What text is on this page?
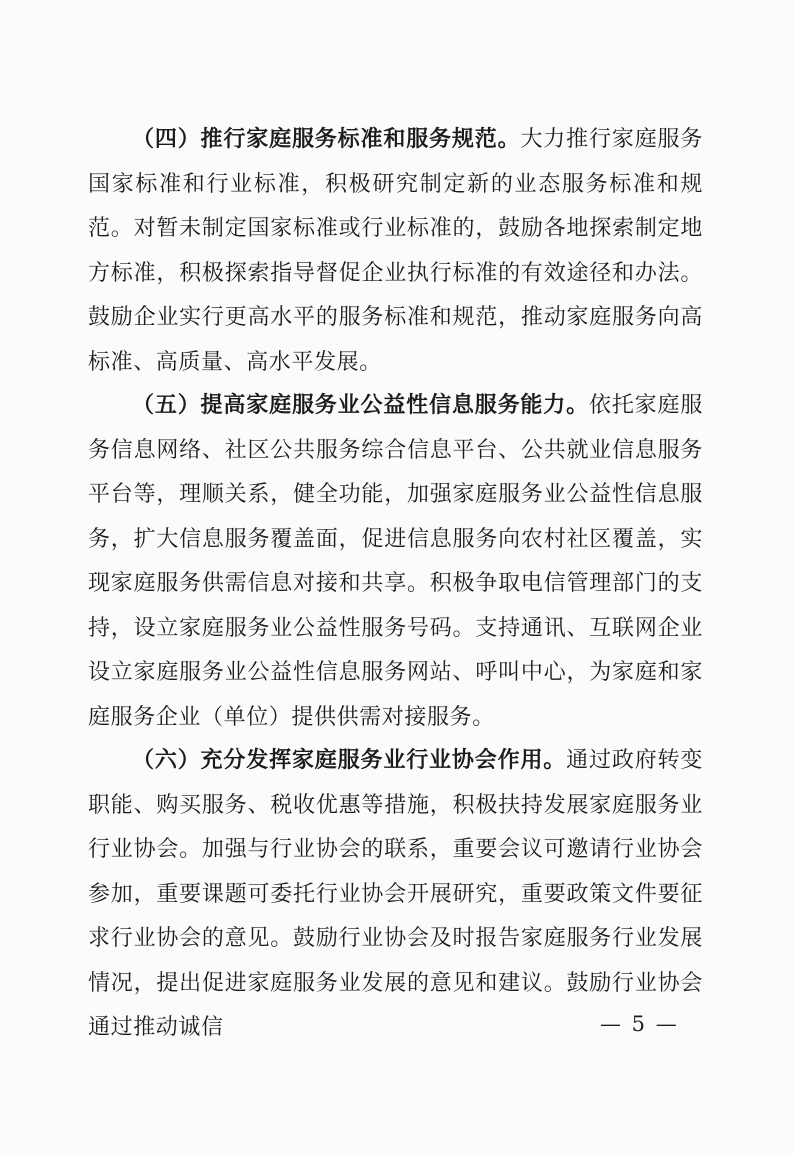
（四）推行家庭服务标准和服务规范。大力推行家庭服务国家标准和行业标准，积极研究制定新的业态服务标准和规范。对暂未制定国家标准或行业标准的，鼓励各地探索制定地方标准，积极探索指导督促企业执行标准的有效途径和办法。鼓励企业实行更高水平的服务标准和规范，推动家庭服务向高标准、高质量、高水平发展。

（五）提高家庭服务业公益性信息服务能力。依托家庭服务信息网络、社区公共服务综合信息平台、公共就业信息服务平台等，理顺关系，健全功能，加强家庭服务业公益性信息服务，扩大信息服务覆盖面，促进信息服务向农村社区覆盖，实现家庭服务供需信息对接和共享。积极争取电信管理部门的支持，设立家庭服务业公益性服务号码。支持通讯、互联网企业设立家庭服务业公益性信息服务网站、呼叫中心，为家庭和家庭服务企业（单位）提供供需对接服务。

（六）充分发挥家庭服务业行业协会作用。通过政府转变职能、购买服务、税收优惠等措施，积极扶持发展家庭服务业行业协会。加强与行业协会的联系，重要会议可邀请行业协会参加，重要课题可委托行业协会开展研究，重要政策文件要征求行业协会的意见。鼓励行业协会及时报告家庭服务行业发展情况，提出促进家庭服务业发展的意见和建议。鼓励行业协会通过推动诚信	— 5 —
